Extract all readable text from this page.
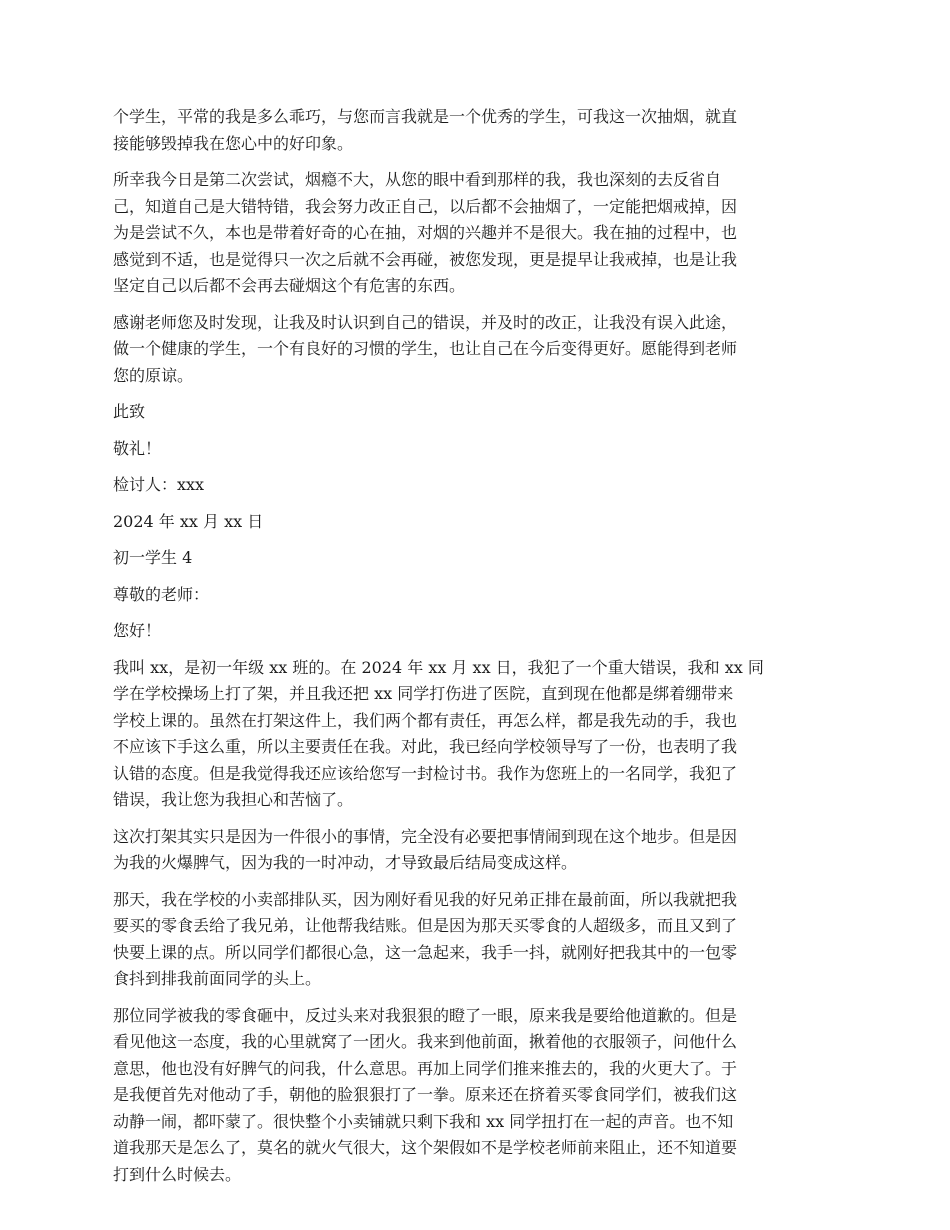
个学生，平常的我是多么乖巧，与您而言我就是一个优秀的学生，可我这一次抽烟，就直
接能够毁掉我在您心中的好印象。

所幸我今日是第二次尝试，烟瘾不大，从您的眼中看到那样的我，我也深刻的去反省自
己，知道自己是大错特错，我会努力改正自己，以后都不会抽烟了，一定能把烟戒掉，因
为是尝试不久，本也是带着好奇的心在抽，对烟的兴趣并不是很大。我在抽的过程中，也
感觉到不适，也是觉得只一次之后就不会再碰，被您发现，更是提早让我戒掉，也是让我
坚定自己以后都不会再去碰烟这个有危害的东西。

感谢老师您及时发现，让我及时认识到自己的错误，并及时的改正，让我没有误入此途，
做一个健康的学生，一个有良好的习惯的学生，也让自己在今后变得更好。愿能得到老师
您的原谅。

此致

敬礼！

检讨人：xxx

2024 年 xx 月 xx 日

初一学生 4

尊敬的老师：

您好！

我叫 xx，是初一年级 xx 班的。在 2024 年 xx 月 xx 日，我犯了一个重大错误，我和 xx 同
学在学校操场上打了架，并且我还把 xx 同学打伤进了医院，直到现在他都是绑着绷带来
学校上课的。虽然在打架这件上，我们两个都有责任，再怎么样，都是我先动的手，我也
不应该下手这么重，所以主要责任在我。对此，我已经向学校领导写了一份，也表明了我
认错的态度。但是我觉得我还应该给您写一封检讨书。我作为您班上的一名同学，我犯了
错误，我让您为我担心和苦恼了。

这次打架其实只是因为一件很小的事情，完全没有必要把事情闹到现在这个地步。但是因
为我的火爆脾气，因为我的一时冲动，才导致最后结局变成这样。

那天，我在学校的小卖部排队买，因为刚好看见我的好兄弟正排在最前面，所以我就把我
要买的零食丢给了我兄弟，让他帮我结账。但是因为那天买零食的人超级多，而且又到了
快要上课的点。所以同学们都很心急，这一急起来，我手一抖，就刚好把我其中的一包零
食抖到排我前面同学的头上。

那位同学被我的零食砸中，反过头来对我狠狠的瞪了一眼，原来我是要给他道歉的。但是
看见他这一态度，我的心里就窝了一团火。我来到他前面，揪着他的衣服领子，问他什么
意思，他也没有好脾气的问我，什么意思。再加上同学们推来推去的，我的火更大了。于
是我便首先对他动了手，朝他的脸狠狠打了一拳。原来还在挤着买零食同学们，被我们这
动静一闹，都吓蒙了。很快整个小卖铺就只剩下我和 xx 同学扭打在一起的声音。也不知
道我那天是怎么了，莫名的就火气很大，这个架假如不是学校老师前来阻止，还不知道要
打到什么时候去。
